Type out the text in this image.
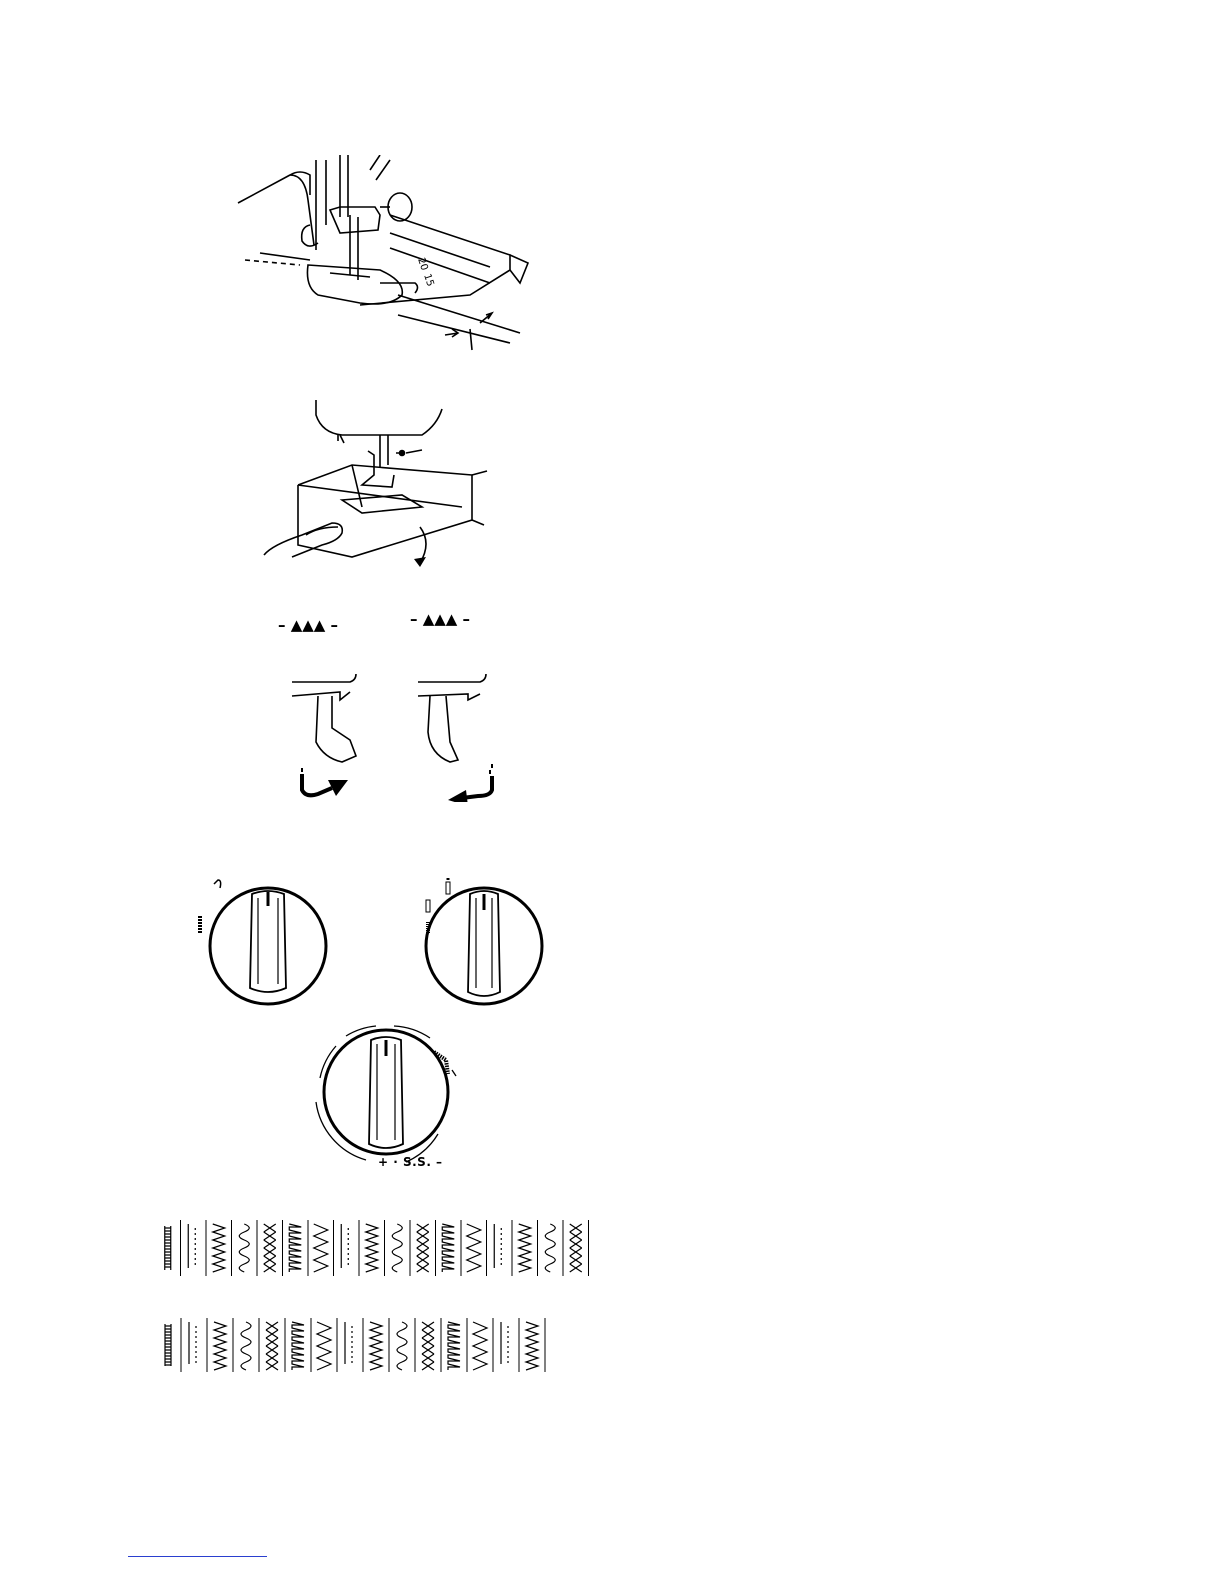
20
15
– ▲▲▲ –	– ▲▲▲ –
+ · S.S. –
